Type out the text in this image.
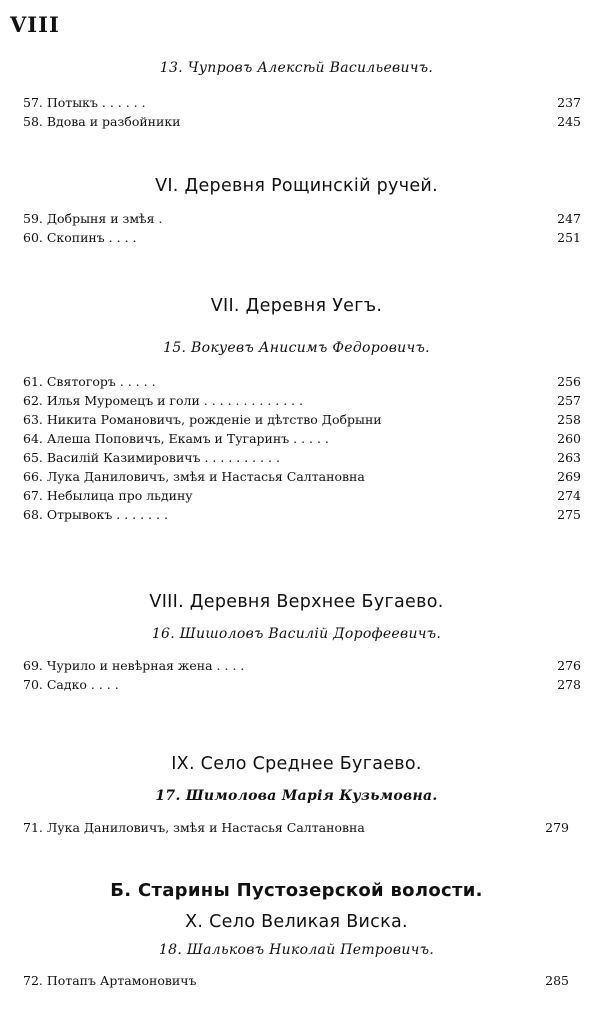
VIII
13. Чупровъ Алексѣй Васильевичъ.
57. Потыкъ . . . . . .	237
58. Вдова и разбойники	245
VI. Деревня Рощинскій ручей.
59. Добрыня и змѣя .	247
60. Скопинъ . . . .	251
VII. Деревня Уегъ.
15. Вокуевъ Анисимъ Федоровичъ.
61. Святогоръ . . . . .	256
62. Илья Муромецъ и голи . . . . . . . . . . . . .	257
63. Никита Романовичъ, рожденіе и дѣтство Добрыни	258
64. Алеша Поповичъ, Екамъ и Тугаринъ . . . . .	260
65. Василій Казимировичъ . . . . . . . . . .	263
66. Лука Даниловичъ, змѣя и Настасья Салтановна	269
67. Небылица про льдину	274
68. Отрывокъ . . . . . . .	275
VIII. Деревня Верхнее Бугаево.
16. Шишоловъ Василій Дорофеевичъ.
69. Чурило и невѣрная жена . . . .	276
70. Садко . . . .	278
IX. Село Среднее Бугаево.
17. Шимолова Марія Кузьмовна.
71. Лука Даниловичъ, змѣя и Настасья Салтановна	279
Б. Старины Пустозерской волости.
X. Село Великая Виска.
18. Шальковъ Николай Петровичъ.
72. Потапъ Артамоновичъ	285
